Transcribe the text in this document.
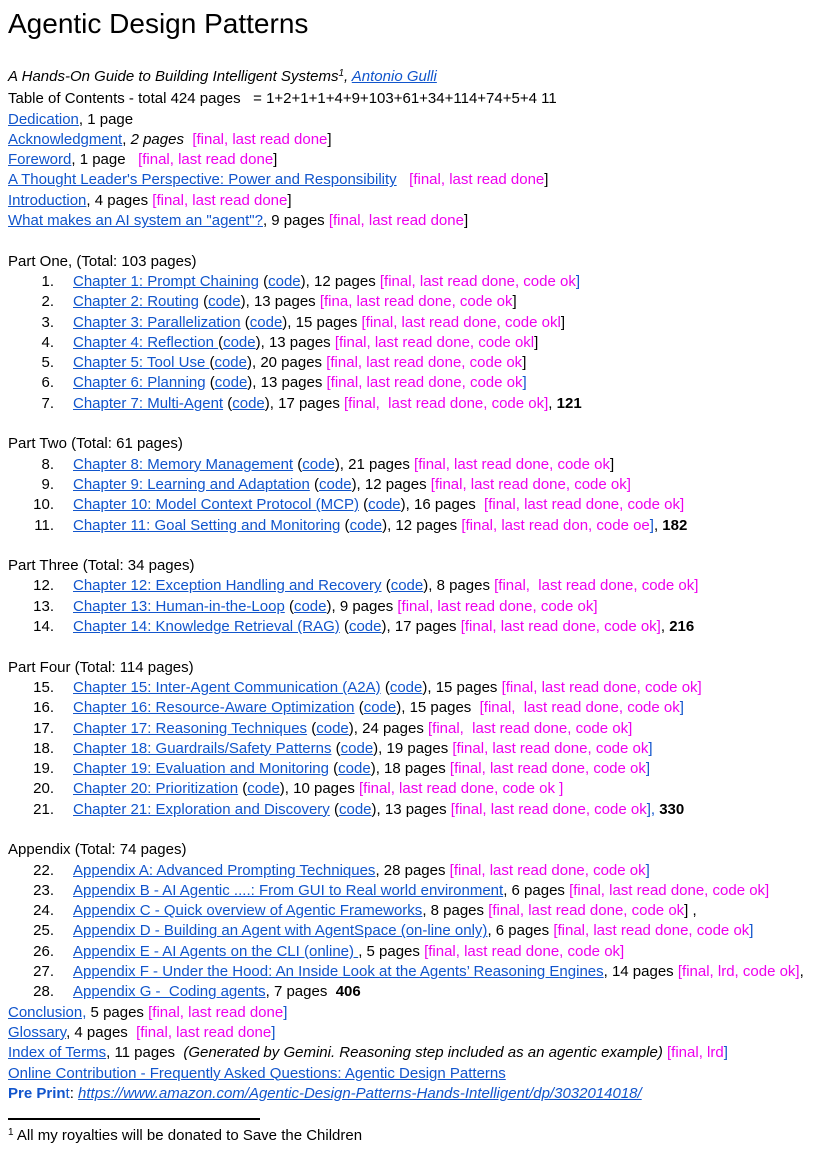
Agentic Design Patterns
A Hands-On Guide to Building Intelligent Systems$^1$, Antonio Gulli
Table of Contents - total 424 pages   = 1+2+1+1+4+9+103+61+34+114+74+5+4 11
Dedication, 1 page
Acknowledgment, 2 pages [final, last read done]
Foreword, 1 page   [final, last read done]
A Thought Leader's Perspective: Power and Responsibility [final, last read done]
Introduction, 4 pages [final, last read done]
What makes an AI system an "agent"?, 9 pages [final, last read done]
Part One, (Total: 103 pages)
1. Chapter 1: Prompt Chaining (code), 12 pages [final, last read done, code ok]
2. Chapter 2: Routing (code), 13 pages [fina, last read done, code ok]
3. Chapter 3: Parallelization (code), 15 pages [final, last read done, code okl]
4. Chapter 4: Reflection (code), 13 pages [final, last read done, code okl]
5. Chapter 5: Tool Use (code), 20 pages [final, last read done, code ok]
6. Chapter 6: Planning (code), 13 pages [final, last read done, code ok]
7. Chapter 7: Multi-Agent (code), 17 pages [final,  last read done, code ok], 121
Part Two (Total: 61 pages)
8. Chapter 8: Memory Management (code), 21 pages [final, last read done, code ok]
9. Chapter 9: Learning and Adaptation (code), 12 pages [final, last read done, code ok]
10. Chapter 10: Model Context Protocol (MCP) (code), 16 pages  [final, last read done, code ok]
11. Chapter 11: Goal Setting and Monitoring (code), 12 pages [final, last read don, code oe], 182
Part Three (Total: 34 pages)
12. Chapter 12: Exception Handling and Recovery (code), 8 pages [final,  last read done, code ok]
13. Chapter 13: Human-in-the-Loop (code), 9 pages [final, last read done, code ok]
14. Chapter 14: Knowledge Retrieval (RAG) (code), 17 pages [final, last read done, code ok], 216
Part Four (Total: 114 pages)
15. Chapter 15: Inter-Agent Communication (A2A) (code), 15 pages [final, last read done, code ok]
16. Chapter 16: Resource-Aware Optimization (code), 15 pages  [final,  last read done, code ok]
17. Chapter 17: Reasoning Techniques (code), 24 pages [final,  last read done, code ok]
18. Chapter 18: Guardrails/Safety Patterns (code), 19 pages [final, last read done, code ok]
19. Chapter 19: Evaluation and Monitoring (code), 18 pages [final, last read done, code ok]
20. Chapter 20: Prioritization (code), 10 pages [final, last read done, code ok ]
21. Chapter 21: Exploration and Discovery (code), 13 pages [final, last read done, code ok], 330
Appendix (Total: 74 pages)
22. Appendix A: Advanced Prompting Techniques, 28 pages [final, last read done, code ok]
23. Appendix B - AI Agentic ....: From GUI to Real world environment, 6 pages [final, last read done, code ok]
24. Appendix C - Quick overview of Agentic Frameworks, 8 pages [final, last read done, code ok] ,
25. Appendix D - Building an Agent with AgentSpace (on-line only), 6 pages [final, last read done, code ok]
26. Appendix E - AI Agents on the CLI (online) , 5 pages [final, last read done, code ok]
27. Appendix F - Under the Hood: An Inside Look at the Agents’ Reasoning Engines, 14 pages [final, lrd, code ok],
28. Appendix G -  Coding agents, 7 pages  406
Conclusion, 5 pages [final, last read done]
Glossary, 4 pages  [final, last read done]
Index of Terms, 11 pages  (Generated by Gemini. Reasoning step included as an agentic example) [final, lrd]
Online Contribution - Frequently Asked Questions: Agentic Design Patterns
Pre Print: https://www.amazon.com/Agentic-Design-Patterns-Hands-Intelligent/dp/3032014018/
$^1$ All my royalties will be donated to Save the Children
